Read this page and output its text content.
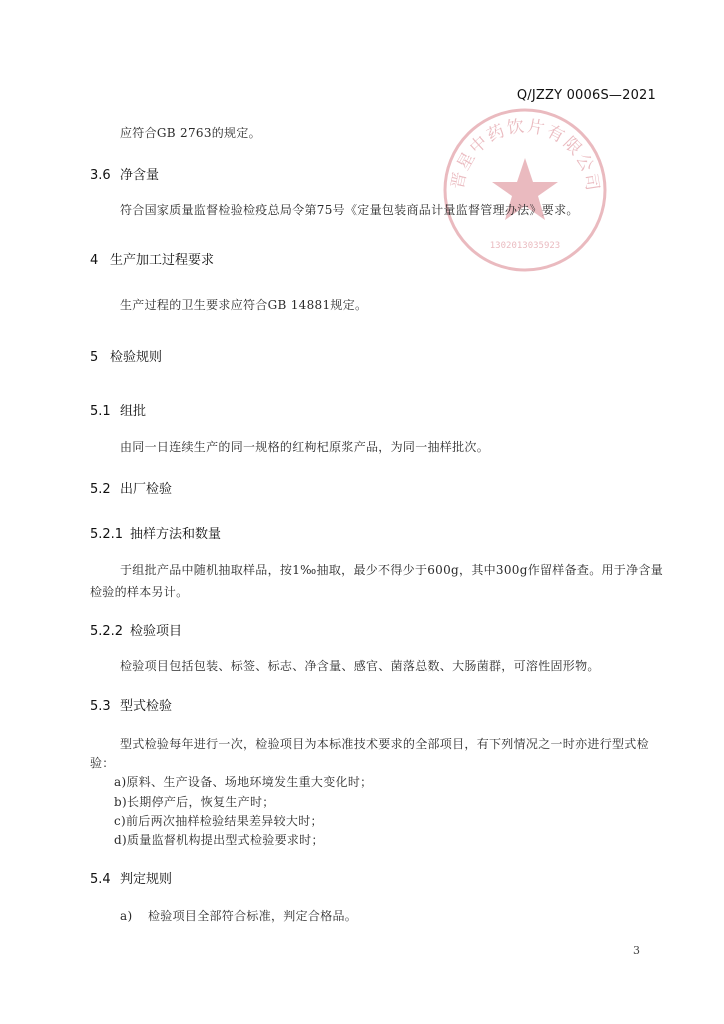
晋星中药饮片有限公司
1302013035923
Q/JZZY 0006S—2021
应符合GB 2763的规定。
3.6 净含量
符合国家质量监督检验检疫总局令第75号《定量包装商品计量监督管理办法》要求。
4 生产加工过程要求
生产过程的卫生要求应符合GB 14881规定。
5 检验规则
5.1 组批
由同一日连续生产的同一规格的红枸杞原浆产品，为同一抽样批次。
5.2 出厂检验
5.2.1 抽样方法和数量
于组批产品中随机抽取样品，按1‰抽取，最少不得少于600g，其中300g作留样备查。用于净含量
检验的样本另计。
5.2.2 检验项目
检验项目包括包装、标签、标志、净含量、感官、菌落总数、大肠菌群，可溶性固形物。
5.3 型式检验
型式检验每年进行一次，检验项目为本标准技术要求的全部项目，有下列情况之一时亦进行型式检
验：
a)原料、生产设备、场地环境发生重大变化时；
b)长期停产后，恢复生产时；
c)前后两次抽样检验结果差异较大时；
d)质量监督机构提出型式检验要求时；
5.4 判定规则
a) 检验项目全部符合标准，判定合格品。
3
